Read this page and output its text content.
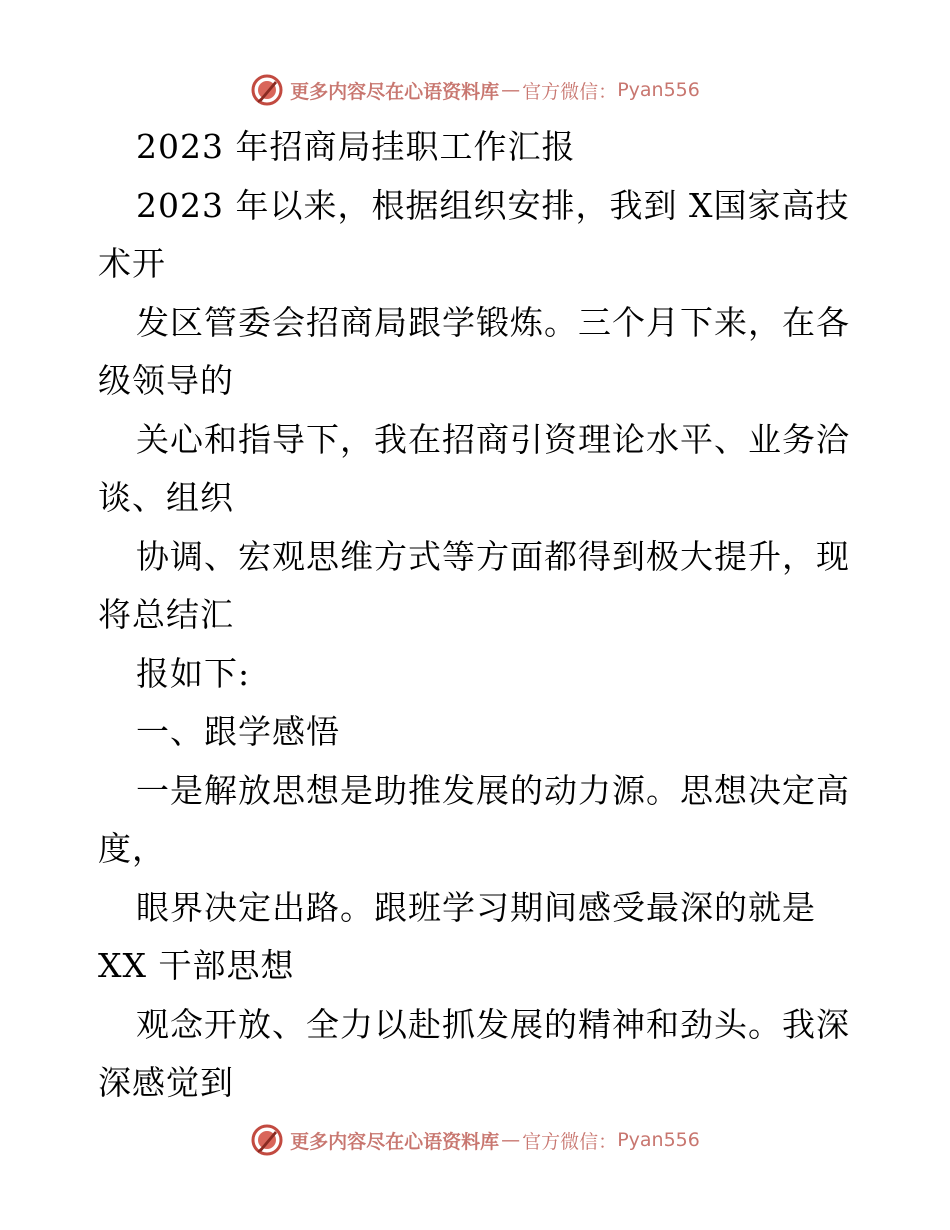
更多内容尽在心语资料库 — 官方微信： Pyan556
2023 年招商局挂职工作汇报
2023 年以来，根据组织安排，我到 X国家高技
术开
发区管委会招商局跟学锻炼。三个月下来，在各
级领导的
关心和指导下，我在招商引资理论水平、业务洽
谈、组织
协调、宏观思维方式等方面都得到极大提升，现
将总结汇
报如下:
一、跟学感悟
一是解放思想是助推发展的动力源。思想决定高
度，
眼界决定出路。跟班学习期间感受最深的就是
XX 干部思想
观念开放、全力以赴抓发展的精神和劲头。我深
深感觉到
更多内容尽在心语资料库 — 官方微信： Pyan556
